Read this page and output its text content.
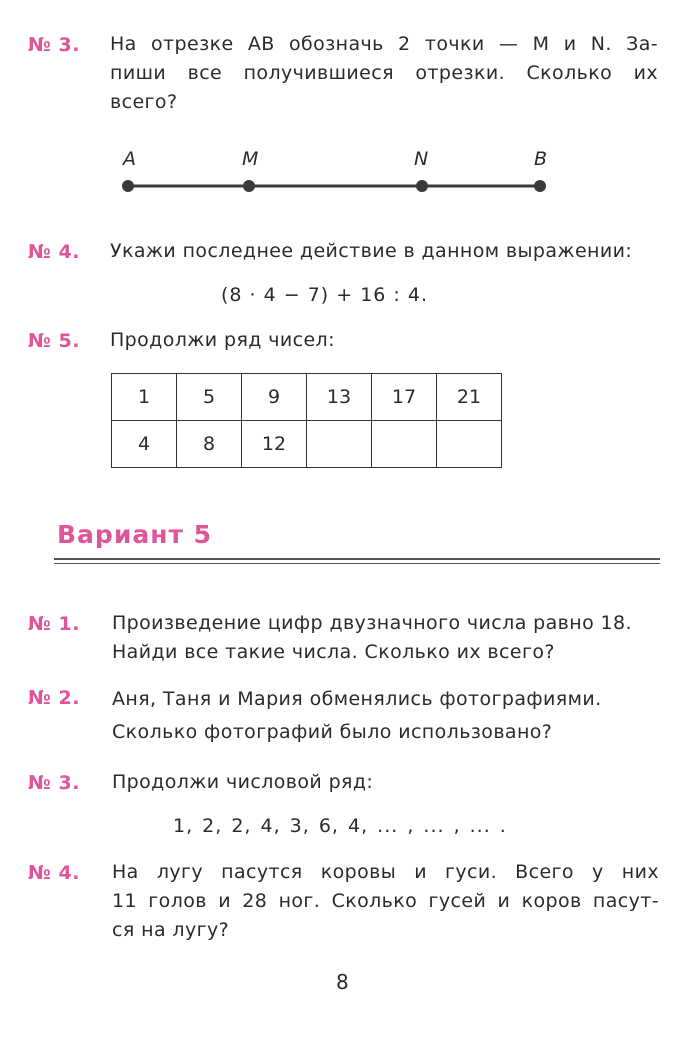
№ 3. На отрезке AB обозначь 2 точки — M и N. За-
пиши все получившиеся отрезки. Сколько их
всего?
A	M	N	B
№ 4. Укажи последнее действие в данном выражении:
(8 · 4 − 7) + 16 : 4.
№ 5. Продолжи ряд чисел:
1	5	9	13	17	21
4	8	12			
Вариант 5
№ 1. Произведение цифр двузначного числа равно 18.
Найди все такие числа. Сколько их всего?
№ 2. Аня, Таня и Мария обменялись фотографиями.
Сколько фотографий было использовано?
№ 3. Продолжи числовой ряд:
1, 2, 2, 4, 3, 6, 4, ... , ... , ... .
№ 4. На лугу пасутся коровы и гуси. Всего у них
11 голов и 28 ног. Сколько гусей и коров пасут-
ся на лугу?
8
